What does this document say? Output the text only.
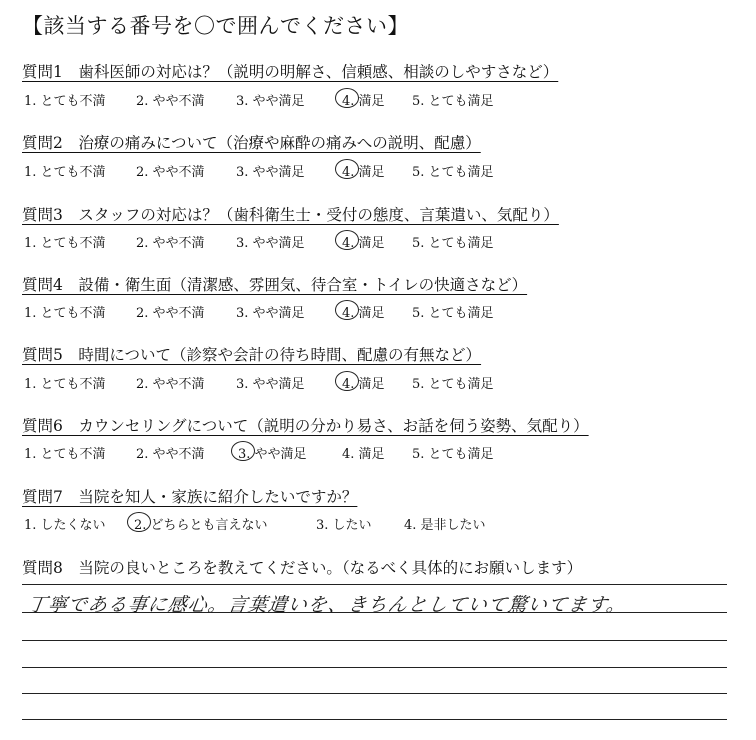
【該当する番号を〇で囲んでください】
質問1　歯科医師の対応は？（説明の明解さ、信頼感、相談のしやすさなど）
1. とても不満 2. やや不満 3. やや満足	4. 満足 5. とても満足
質問2　治療の痛みについて（治療や麻酔の痛みへの説明、配慮）
1. とても不満 2. やや不満 3. やや満足	4. 満足 5. とても満足
質問3　スタッフの対応は？（歯科衛生士・受付の態度、言葉遣い、気配り）
1. とても不満 2. やや不満 3. やや満足	4. 満足 5. とても満足
質問4　設備・衛生面（清潔感、雰囲気、待合室・トイレの快適さなど）
1. とても不満 2. やや不満 3. やや満足	4. 満足 5. とても満足
質問5　時間について（診察や会計の待ち時間、配慮の有無など）
1. とても不満 2. やや不満 3. やや満足	4. 満足 5. とても満足
質問6　カウンセリングについて（説明の分かり易さ、お話を伺う姿勢、気配り）
1. とても不満 2. やや不満	3. やや満足	4. 満足 5. とても満足
質問7　当院を知人・家族に紹介したいですか？
1. したくない 2. どちらとも言えない	3. したい 4. 是非したい
質問8　当院の良いところを教えてください。（なるべく具体的にお願いします）
丁寧である事に感心。言葉遣いを、きちんとしていて驚いてます。
